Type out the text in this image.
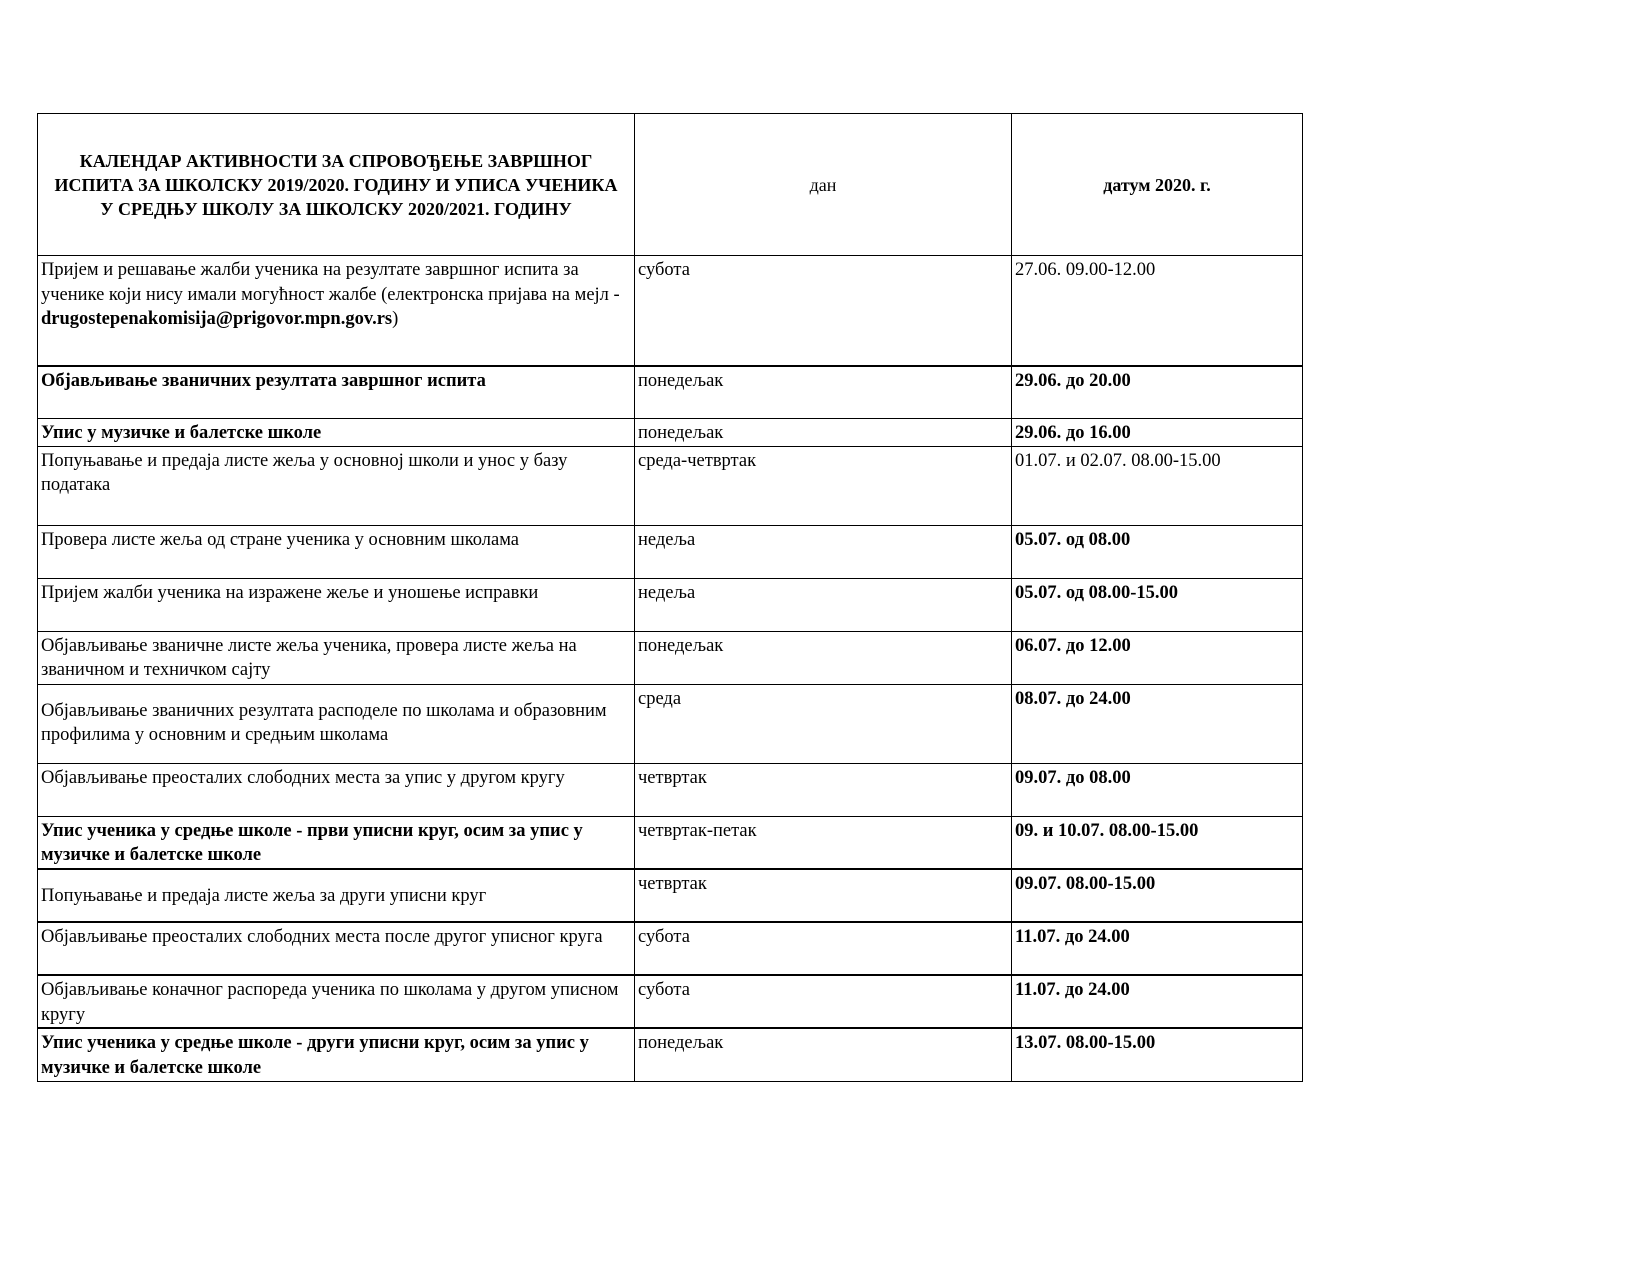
КАЛЕНДАР АКТИВНОСТИ ЗА СПРОВОЂЕЊЕ ЗАВРШНОГ ИСПИТА ЗА ШКОЛСКУ 2019/2020. ГОДИНУ И УПИСА УЧЕНИКА У СРЕДЊУ ШКОЛУ ЗА ШКОЛСКУ 2020/2021. ГОДИНУ	дан	датум 2020. г.
Пријем и решавање жалби ученика на резултате завршног испита за ученике који нису имали могућност жалбе (електронска пријава на мејл - drugostepenakomisija@prigovor.mpn.gov.rs)	субота	27.06. 09.00-12.00
Објављивање званичних резултата завршног испита	понедељак	29.06. до 20.00
Упис у музичке и балетске школе	понедељак	29.06. до 16.00
Попуњавање и предаја листе жеља у основној школи и унос у базу података	среда-четвртак	01.07. и 02.07. 08.00-15.00
Провера листе жеља од стране ученика у основним школама	недеља	05.07. од 08.00
Пријем жалби ученика на изражене жеље и уношење исправки	недеља	05.07. од 08.00-15.00
Објављивање званичне листе жеља ученика, провера листе жеља на званичном и техничком сајту	понедељак	06.07. до 12.00
Објављивање званичних резултата расподеле по школама и образовним профилима у основним и средњим школама	среда	08.07. до 24.00
Објављивање преосталих слободних места за упис у другом кругу	четвртак	09.07. до 08.00
Упис ученика у средње школе - први уписни круг, осим за упис у музичке и балетске школе	четвртак-петак	09. и 10.07. 08.00-15.00
Попуњавање и предаја листе жеља за други уписни круг	четвртак	09.07. 08.00-15.00
Објављивање преосталих слободних места после другог уписног круга	субота	11.07. до 24.00
Објављивање коначног распореда ученика по школама у другом уписном кругу	субота	11.07. до 24.00
Упис ученика у средње школе - други уписни круг, осим за упис у музичке и балетске школе	понедељак	13.07. 08.00-15.00
